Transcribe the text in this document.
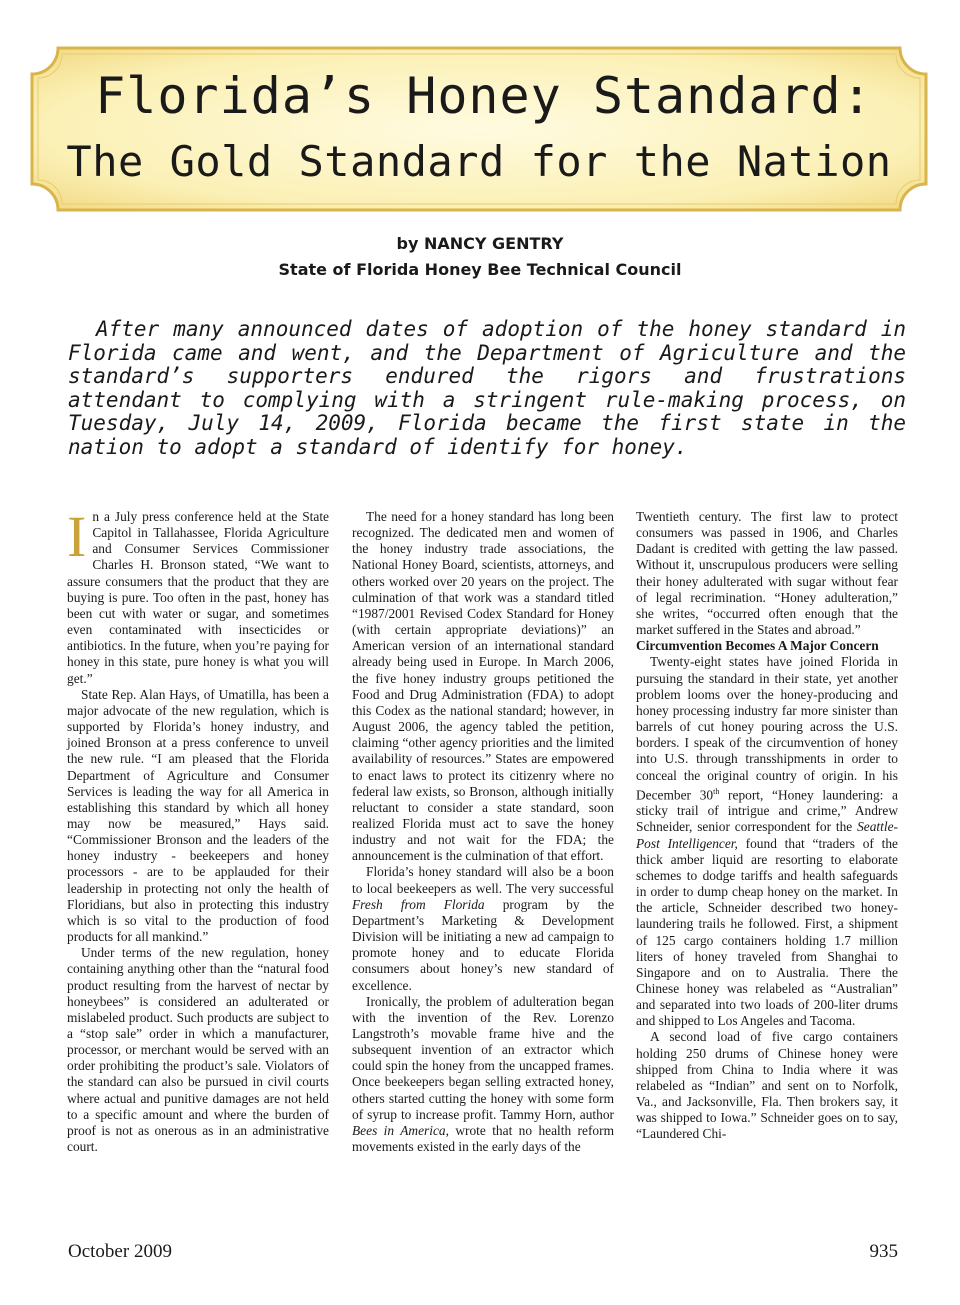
Florida’s Honey Standard:
The Gold Standard for the Nation
by NANCY GENTRY
State of Florida Honey Bee Technical Council

After many announced dates of adoption of the honey standard in Florida came and went, and the Department of Agriculture and the standard’s supporters endured the rigors and frustrations attendant to complying with a stringent rule-making process, on Tuesday, July 14, 2009, Florida became the first state in the nation to adopt a standard of identify for honey.

In a July press conference held at the State Capitol in Tallahassee, Florida Agriculture and Consumer Services Commissioner Charles H. Bronson stated, “We want to assure consumers that the product that they are buying is pure. Too often in the past, honey has been cut with water or sugar, and sometimes even contaminated with insecticides or antibiotics. In the future, when you’re paying for honey in this state, pure honey is what you will get.”

State Rep. Alan Hays, of Umatilla, has been a major advocate of the new regulation, which is supported by Florida’s honey industry, and joined Bronson at a press conference to unveil the new rule. “I am pleased that the Florida Department of Agriculture and Consumer Services is leading the way for all America in establishing this standard by which all honey may now be measured,” Hays said. “Commissioner Bronson and the leaders of the honey industry - beekeepers and honey processors - are to be applauded for their leadership in protecting not only the health of Floridians, but also in protecting this industry which is so vital to the production of food products for all mankind.”

Under terms of the new regulation, honey containing anything other than the “natural food product resulting from the harvest of nectar by honeybees” is considered an adulterated or mislabeled product. Such products are subject to a “stop sale” order in which a manufacturer, processor, or merchant would be served with an order prohibiting the product’s sale. Violators of the standard can also be pursued in civil courts where actual and punitive damages are not held to a specific amount and where the burden of proof is not as onerous as in an administrative court.

The need for a honey standard has long been recognized. The dedicated men and women of the honey industry trade associations, the National Honey Board, scientists, attorneys, and others worked over 20 years on the project. The culmination of that work was a standard titled “1987/2001 Revised Codex Standard for Honey (with certain appropriate deviations)” an American version of an international standard already being used in Europe. In March 2006, the five honey industry groups petitioned the Food and Drug Administration (FDA) to adopt this Codex as the national standard; however, in August 2006, the agency tabled the petition, claiming “other agency priorities and the limited availability of resources.” States are empowered to enact laws to protect its citizenry where no federal law exists, so Bronson, although initially reluctant to consider a state standard, soon realized Florida must act to save the honey industry and not wait for the FDA; the announcement is the culmination of that effort.

Florida’s honey standard will also be a boon to local beekeepers as well. The very successful Fresh from Florida program by the Department’s Marketing & Development Division will be initiating a new ad campaign to promote honey and to educate Florida consumers about honey’s new standard of excellence.

Ironically, the problem of adulteration began with the invention of the Rev. Lorenzo Langstroth’s movable frame hive and the subsequent invention of an extractor which could spin the honey from the uncapped frames. Once beekeepers began selling extracted honey, others started cutting the honey with some form of syrup to increase profit. Tammy Horn, author Bees in America, wrote that no health reform movements existed in the early days of the

Twentieth century. The first law to protect consumers was passed in 1906, and Charles Dadant is credited with getting the law passed. Without it, unscrupulous producers were selling their honey adulterated with sugar without fear of legal recrimination. “Honey adulteration,” she writes, “occurred often enough that the market suffered in the States and abroad.”

Circumvention Becomes A Major Concern

Twenty-eight states have joined Florida in pursuing the standard in their state, yet another problem looms over the honey-producing and honey processing industry far more sinister than barrels of cut honey pouring across the U.S. borders. I speak of the circumvention of honey into U.S. through transshipments in order to conceal the original country of origin. In his December 30th report, “Honey laundering: a sticky trail of intrigue and crime,” Andrew Schneider, senior correspondent for the Seattle-Post Intelligencer, found that “traders of the thick amber liquid are resorting to elaborate schemes to dodge tariffs and health safeguards in order to dump cheap honey on the market. In the article, Schneider described two honey-laundering trails he followed. First, a shipment of 125 cargo containers holding 1.7 million liters of honey traveled from Shanghai to Singapore and on to Australia. There the Chinese honey was relabeled as “Australian” and separated into two loads of 200-liter drums and shipped to Los Angeles and Tacoma.

A second load of five cargo containers holding 250 drums of Chinese honey were shipped from China to India where it was relabeled as “Indian” and sent on to Norfolk, Va., and Jacksonville, Fla. Then brokers say, it was shipped to Iowa.” Schneider goes on to say, “Laundered Chi-

October 2009	935
